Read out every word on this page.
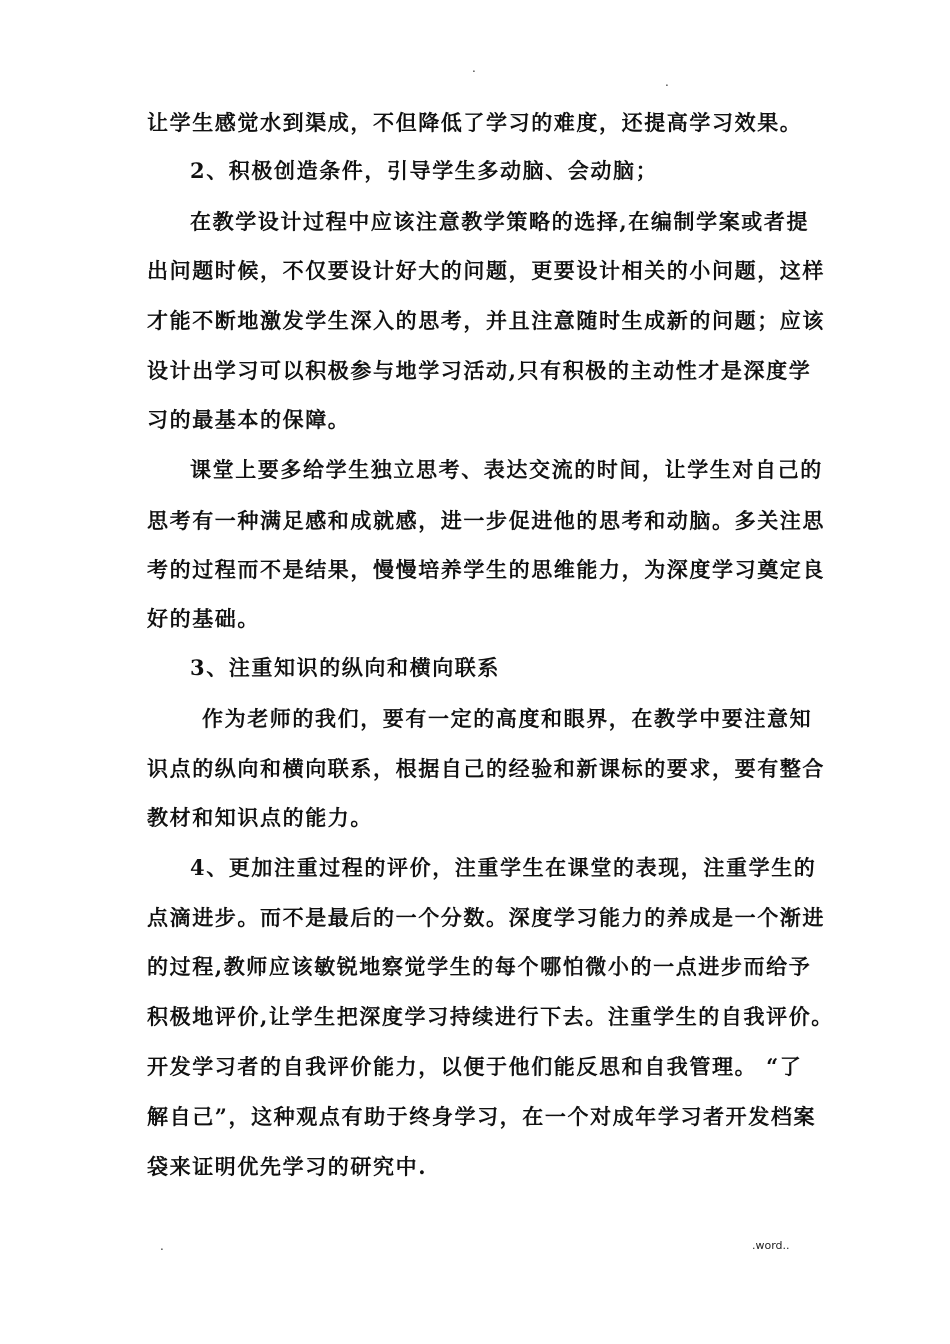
.
.
让学生感觉水到渠成，不但降低了学习的难度，还提高学习效果。
2、积极创造条件，引导学生多动脑、会动脑；
在教学设计过程中应该注意教学策略的选择,在编制学案或者提
出问题时候，不仅要设计好大的问题，更要设计相关的小问题，这样
才能不断地激发学生深入的思考，并且注意随时生成新的问题；应该
设计出学习可以积极参与地学习活动,只有积极的主动性才是深度学
习的最基本的保障。
课堂上要多给学生独立思考、表达交流的时间，让学生对自己的
思考有一种满足感和成就感，进一步促进他的思考和动脑。多关注思
考的过程而不是结果，慢慢培养学生的思维能力，为深度学习奠定良
好的基础。
3、注重知识的纵向和横向联系
作为老师的我们，要有一定的高度和眼界，在教学中要注意知
识点的纵向和横向联系，根据自己的经验和新课标的要求，要有整合
教材和知识点的能力。
4、更加注重过程的评价，注重学生在课堂的表现，注重学生的
点滴进步。而不是最后的一个分数。深度学习能力的养成是一个渐进
的过程,教师应该敏锐地察觉学生的每个哪怕微小的一点进步而给予
积极地评价,让学生把深度学习持续进行下去。注重学生的自我评价。
开发学习者的自我评价能力，以便于他们能反思和自我管理。 “了
解自己”，这种观点有助于终身学习，在一个对成年学习者开发档案
袋来证明优先学习的研究中.
.	.word..
